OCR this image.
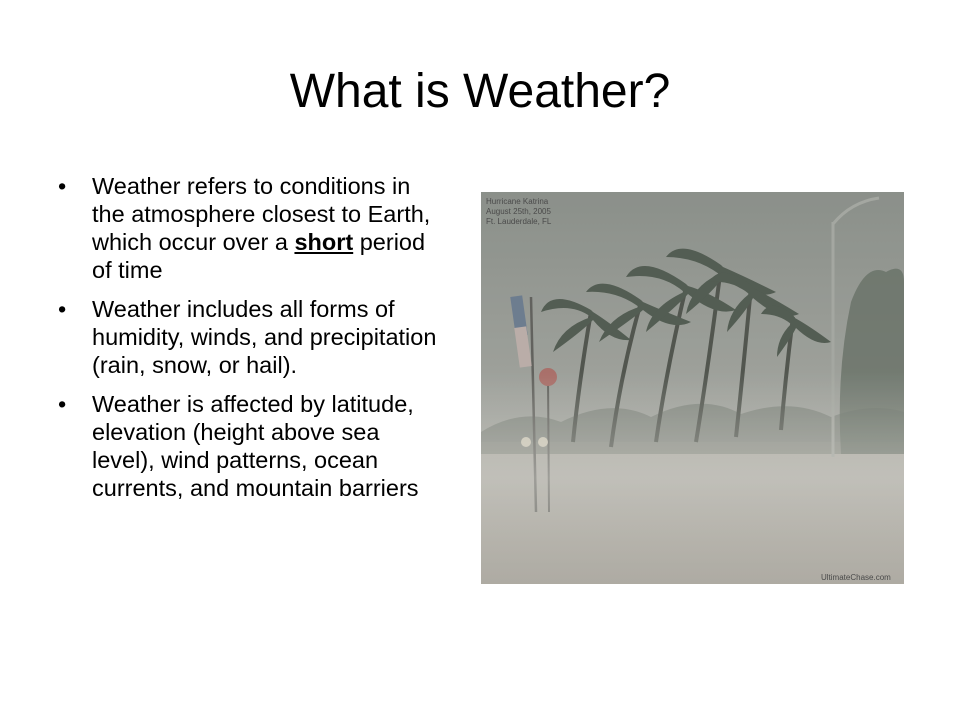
What is Weather?
• Weather refers to conditions in the atmosphere closest to Earth, which occur over a short period of time
• Weather includes all forms of humidity, winds, and precipitation (rain, snow, or hail).
• Weather is affected by latitude, elevation (height above sea level), wind patterns, ocean currents, and mountain barriers
Hurricane Katrina
August 25th, 2005
Ft. Lauderdale, FL
UltimateChase.com
